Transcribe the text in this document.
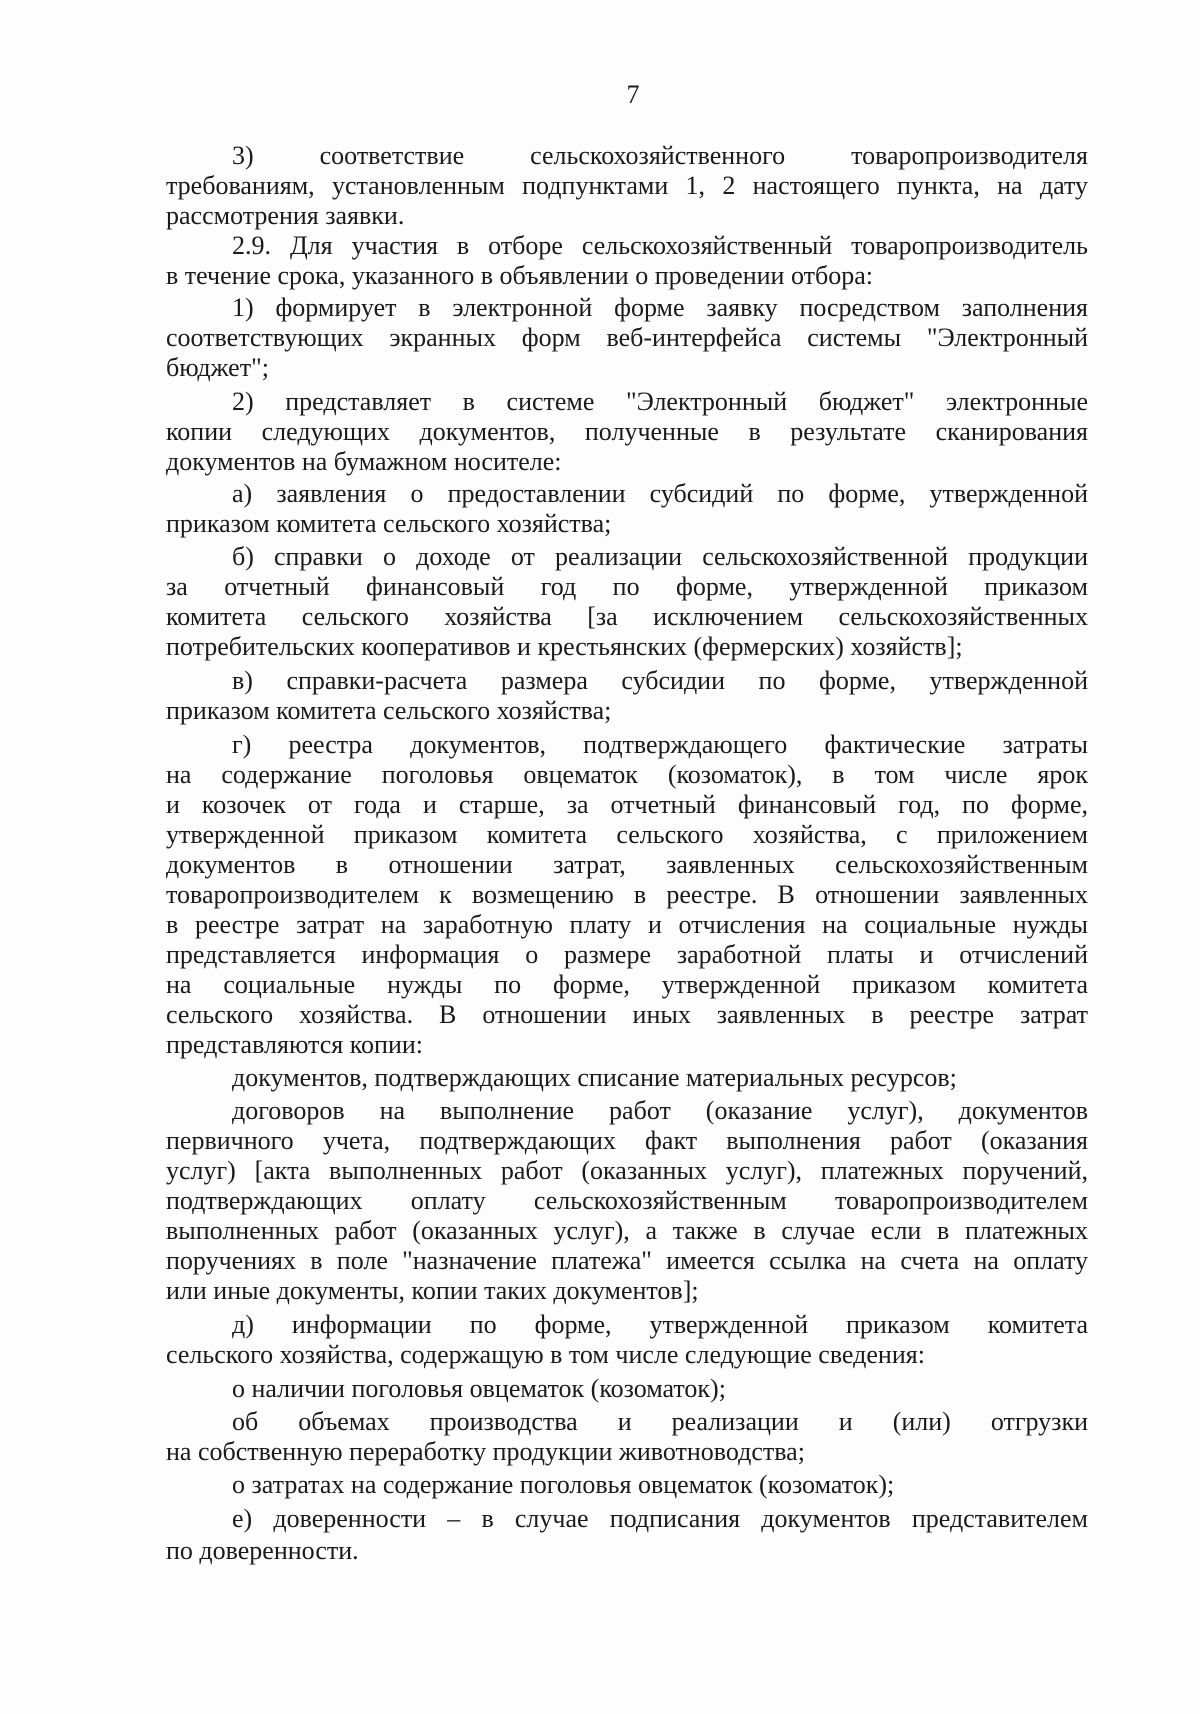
7
3) соответствие сельскохозяйственного товаропроизводителя
требованиям, установленным подпунктами 1, 2 настоящего пункта, на дату
рассмотрения заявки.
2.9. Для участия в отборе сельскохозяйственный товаропроизводитель
в течение срока, указанного в объявлении о проведении отбора:
1) формирует в электронной форме заявку посредством заполнения
соответствующих экранных форм веб-интерфейса системы "Электронный
бюджет";
2) представляет в системе "Электронный бюджет" электронные
копии следующих документов, полученные в результате сканирования
документов на бумажном носителе:
а) заявления о предоставлении субсидий по форме, утвержденной
приказом комитета сельского хозяйства;
б) справки о доходе от реализации сельскохозяйственной продукции
за отчетный финансовый год по форме, утвержденной приказом
комитета сельского хозяйства [за исключением сельскохозяйственных
потребительских кооперативов и крестьянских (фермерских) хозяйств];
в) справки-расчета размера субсидии по форме, утвержденной
приказом комитета сельского хозяйства;
г) реестра документов, подтверждающего фактические затраты
на содержание поголовья овцематок (козоматок), в том числе ярок
и козочек от года и старше, за отчетный финансовый год, по форме,
утвержденной приказом комитета сельского хозяйства, с приложением
документов в отношении затрат, заявленных сельскохозяйственным
товаропроизводителем к возмещению в реестре. В отношении заявленных
в реестре затрат на заработную плату и отчисления на социальные нужды
представляется информация о размере заработной платы и отчислений
на социальные нужды по форме, утвержденной приказом комитета
сельского хозяйства. В отношении иных заявленных в реестре затрат
представляются копии:
документов, подтверждающих списание материальных ресурсов;
договоров на выполнение работ (оказание услуг), документов
первичного учета, подтверждающих факт выполнения работ (оказания
услуг) [акта выполненных работ (оказанных услуг), платежных поручений,
подтверждающих оплату сельскохозяйственным товаропроизводителем
выполненных работ (оказанных услуг), а также в случае если в платежных
поручениях в поле "назначение платежа" имеется ссылка на счета на оплату
или иные документы, копии таких документов];
д) информации по форме, утвержденной приказом комитета
сельского хозяйства, содержащую в том числе следующие сведения:
о наличии поголовья овцематок (козоматок);
об объемах производства и реализации и (или) отгрузки
на собственную переработку продукции животноводства;
о затратах на содержание поголовья овцематок (козоматок);
е) доверенности – в случае подписания документов представителем
по доверенности.
